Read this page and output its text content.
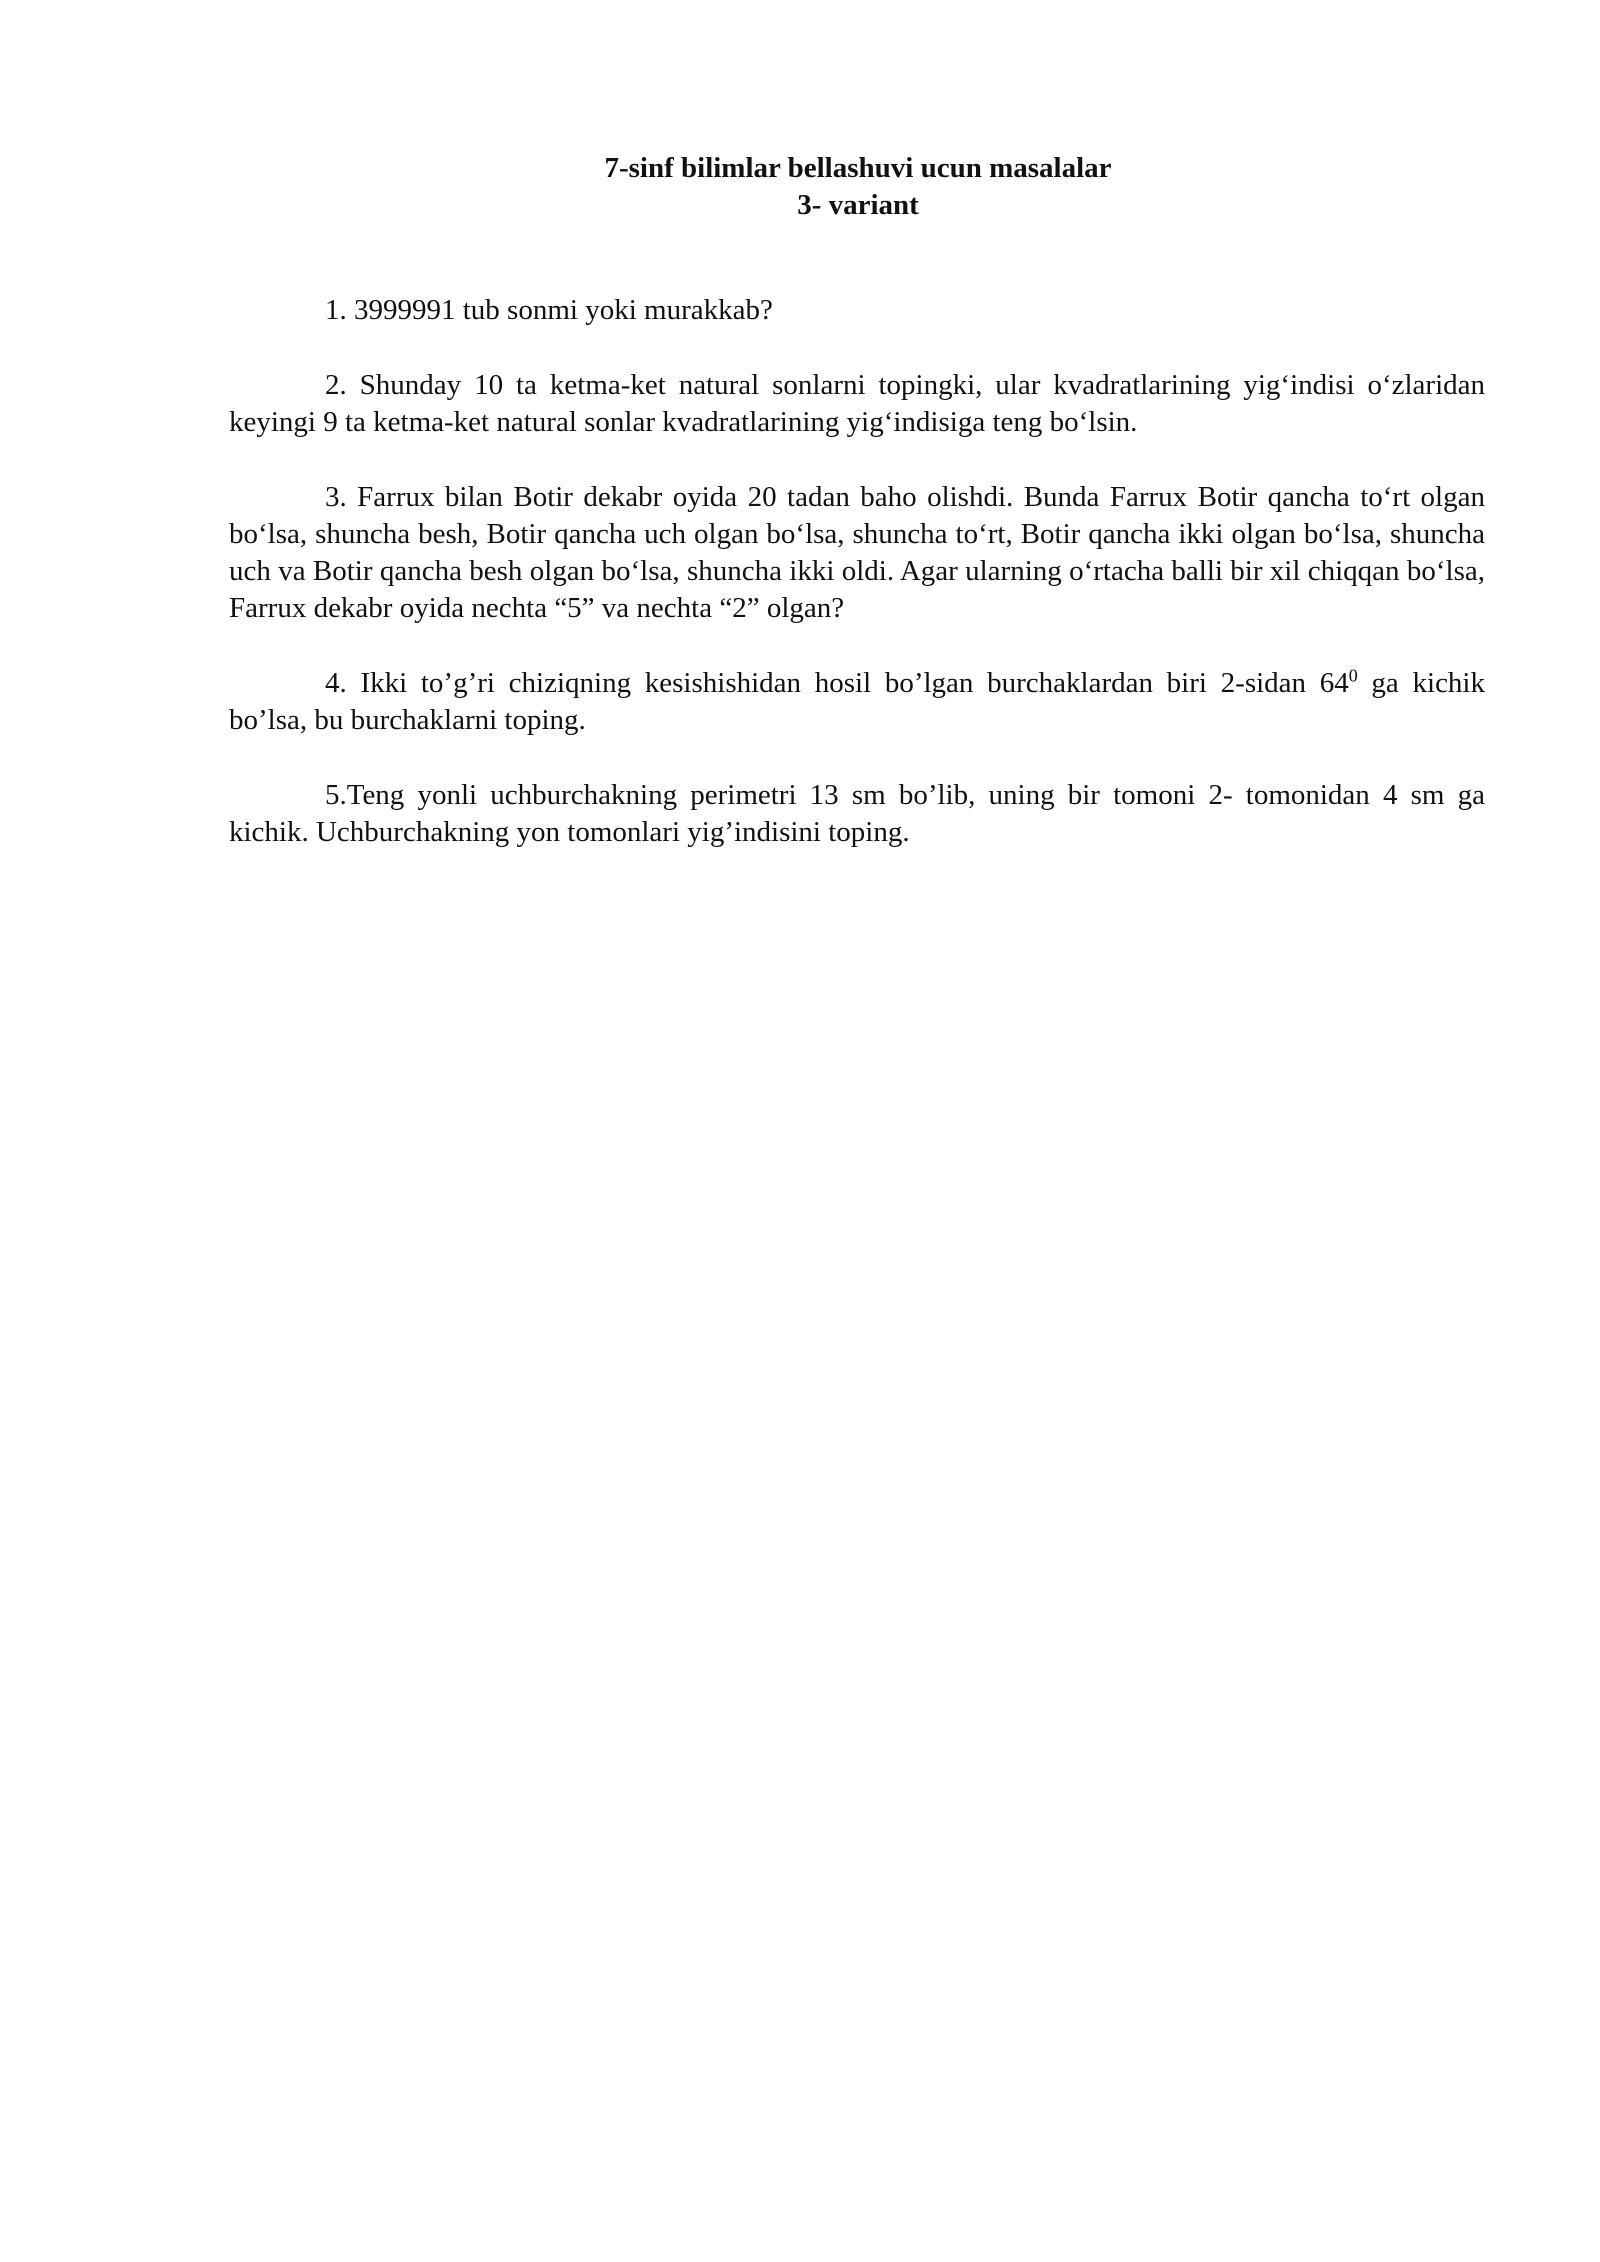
7-sinf bilimlar bellashuvi ucun masalalar
3- variant

1. 3999991 tub sonmi yoki murakkab?

2. Shunday 10 ta ketma-ket natural sonlarni topingki, ular kvadratlarining yig‘indisi o‘zlaridan keyingi 9 ta ketma-ket natural sonlar kvadratlarining yig‘indisiga teng bo‘lsin.

3. Farrux bilan Botir dekabr oyida 20 tadan baho olishdi. Bunda Farrux Botir qancha to‘rt olgan bo‘lsa, shuncha besh, Botir qancha uch olgan bo‘lsa, shuncha to‘rt, Botir qancha ikki olgan bo‘lsa, shuncha uch va Botir qancha besh olgan bo‘lsa, shuncha ikki oldi. Agar ularning o‘rtacha balli bir xil chiqqan bo‘lsa, Farrux dekabr oyida nechta “5” va nechta “2” olgan?

4. Ikki to’g’ri chiziqning kesishishidan hosil bo’lgan burchaklardan biri 2-sidan $64^0$ ga kichik bo’lsa, bu burchaklarni toping.

5.Teng yonli uchburchakning perimetri 13 sm bo’lib, uning bir tomoni 2- tomonidan 4 sm ga kichik. Uchburchakning yon tomonlari yig’indisini toping.
